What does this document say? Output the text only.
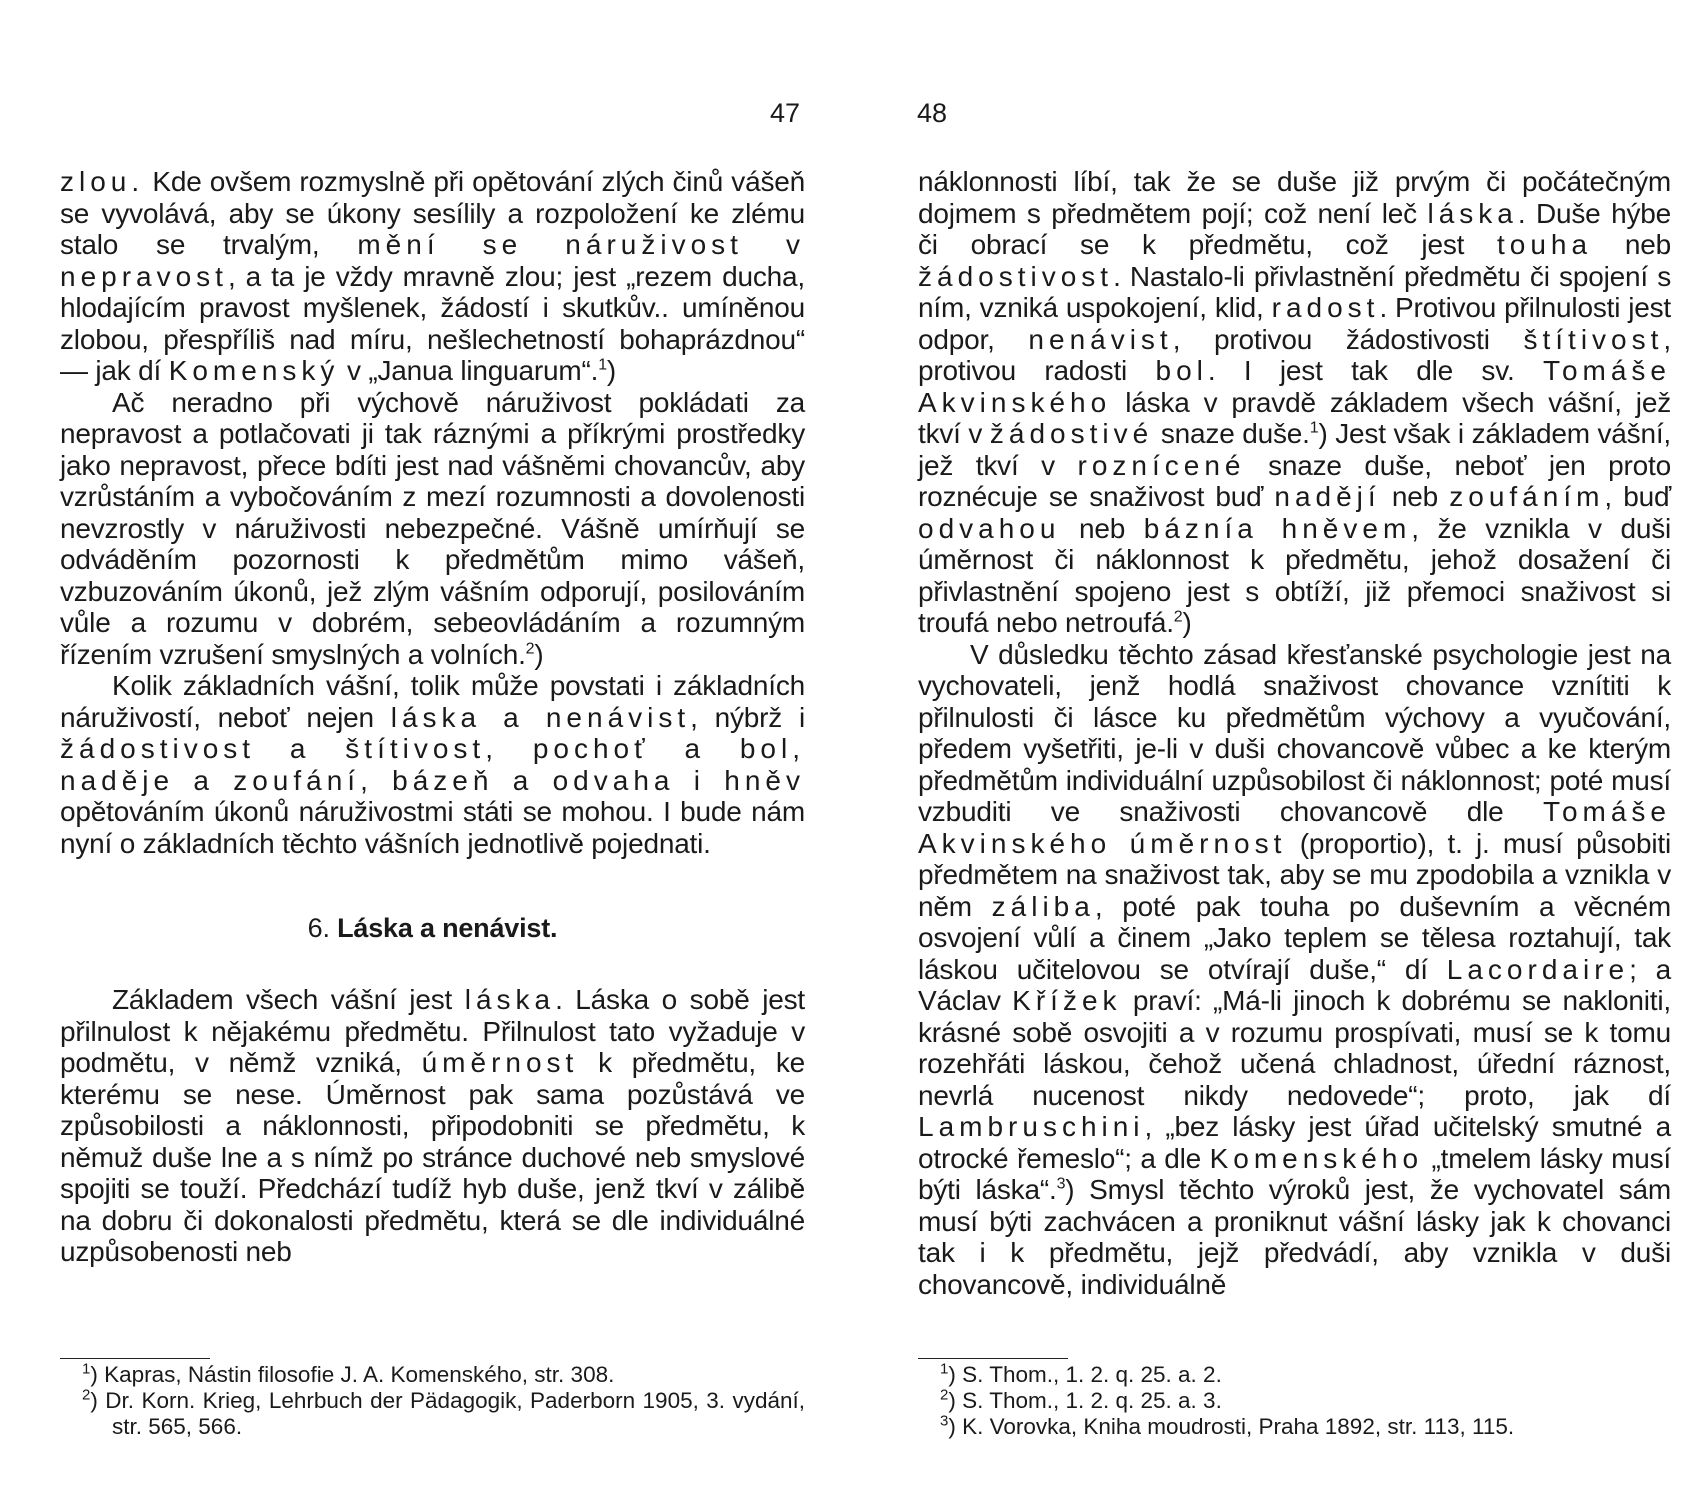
47

zlou. Kde ovšem rozmyslně při opětování zlých činů vášeň se vyvolává, aby se úkony sesílily a rozpoložení ke zlému stalo se trvalým, mění se náruživost v nepravost, a ta je vždy mravně zlou; jest „rezem ducha, hlodajícím pravost myšlenek, žádostí i skutkův.. umíněnou zlobou, přespříliš nad míru, nešlechetností bohaprázdnou“ — jak dí Komenský v „Janua linguarum“.$^1$)

Ač neradno při výchově náruživost pokládati za nepravost a potlačovati ji tak ráznými a příkrými prostředky jako nepravost, přece bdíti jest nad vášněmi chovancův, aby vzrůstáním a vybočováním z mezí rozumnosti a dovolenosti nevzrostly v náruživosti nebezpečné. Vášně umírňují se odváděním pozornosti k předmětům mimo vášeň, vzbuzováním úkonů, jež zlým vášním odporují, posilováním vůle a rozumu v dobrém, sebeovládáním a rozumným řízením vzrušení smyslných a volních.$^2$)

Kolik základních vášní, tolik může povstati i základních náruživostí, neboť nejen láska a nenávist, nýbrž i žádostivost a štítivost, pochoť a bol, naděje a zoufání, bázeň a odvaha i hněv opětováním úkonů náruživostmi státi se mohou. I bude nám nyní o základních těchto vášních jednotlivě pojednati.

6. Láska a nenávist.

Základem všech vášní jest láska. Láska o sobě jest přilnulost k nějakému předmětu. Přilnulost tato vyžaduje v podmětu, v němž vzniká, úměrnost k předmětu, ke kterému se nese. Úměrnost pak sama pozůstává ve způsobilosti a náklonnosti, připodobniti se předmětu, k němuž duše lne a s nímž po stránce duchové neb smyslové spojiti se touží. Předchází tudíž hyb duše, jenž tkví v zálibě na dobru či dokonalosti předmětu, která se dle individuálné uzpůsobenosti neb

$^1$) Kapras, Nástin filosofie J. A. Komenského, str. 308.

$^2$) Dr. Korn. Krieg, Lehrbuch der Pädagogik, Paderborn 1905, 3. vydání, str. 565, 566.

48

náklonnosti líbí, tak že se duše již prvým či počátečným dojmem s předmětem pojí; což není leč láska. Duše hýbe či obrací se k předmětu, což jest touha neb žádostivost. Nastalo-li přivlastnění předmětu či spojení s ním, vzniká uspokojení, klid, radost. Protivou přilnulosti jest odpor, nenávist, protivou žádostivosti štítivost, protivou radosti bol. I jest tak dle sv. Tomáše Akvinského láska v pravdě základem všech vášní, jež tkví v žádostivé snaze duše.$^1$) Jest však i základem vášní, jež tkví v roznícené snaze duše, neboť jen proto roznécuje se snaživost buď nadějí neb zoufáním, buď odvahou neb báznía hněvem, že vznikla v duši úměrnost či náklonnost k předmětu, jehož dosažení či přivlastnění spojeno jest s obtíží, již přemoci snaživost si troufá nebo netroufá.$^2$)

V důsledku těchto zásad křesťanské psychologie jest na vychovateli, jenž hodlá snaživost chovance vznítiti k přilnulosti či lásce ku předmětům výchovy a vyučování, předem vyšetřiti, je-li v duši chovancově vůbec a ke kterým předmětům individuální uzpůsobilost či náklonnost; poté musí vzbuditi ve snaživosti chovancově dle Tomáše Akvinského úměrnost (proportio), t. j. musí působiti předmětem na snaživost tak, aby se mu zpodobila a vznikla v něm záliba, poté pak touha po duševním a věcném osvojení vůlí a činem „Jako teplem se tělesa roztahují, tak láskou učitelovou se otvírají duše,“ dí Lacordaire; a Václav Křížek praví: „Má-li jinoch k dobrému se nakloniti, krásné sobě osvojiti a v rozumu prospívati, musí se k tomu rozehřáti láskou, čehož učená chladnost, úřední ráznost, nevrlá nucenost nikdy nedovede“; proto, jak dí Lambruschini, „bez lásky jest úřad učitelský smutné a otrocké řemeslo“; a dle Komenského „tmelem lásky musí býti láska“.$^3$) Smysl těchto výroků jest, že vychovatel sám musí býti zachvácen a proniknut vášní lásky jak k chovanci tak i k předmětu, jejž předvádí, aby vznikla v duši chovancově, individuálně

$^1$) S. Thom., 1. 2. q. 25. a. 2.

$^2$) S. Thom., 1. 2. q. 25. a. 3.

$^3$) K. Vorovka, Kniha moudrosti, Praha 1892, str. 113, 115.
